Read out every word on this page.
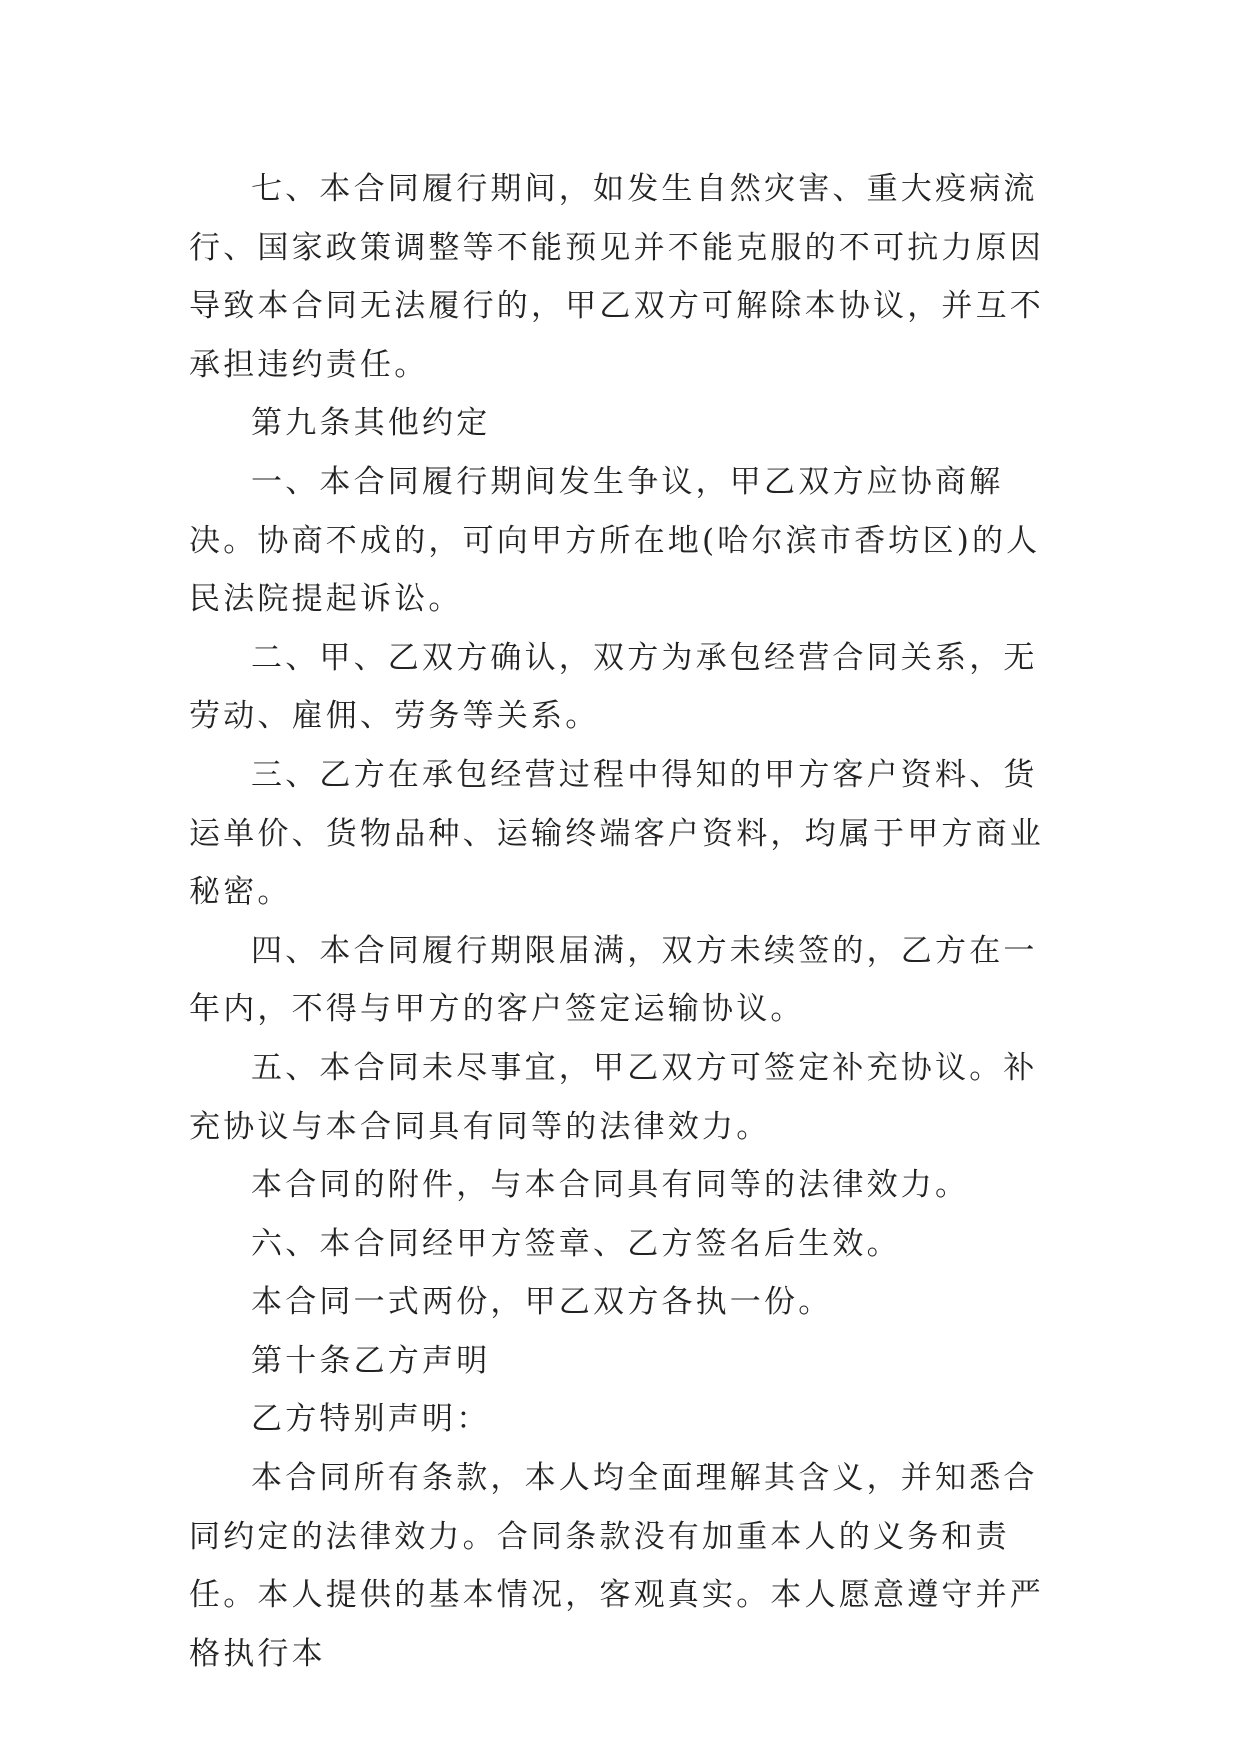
七、本合同履行期间，如发生自然灾害、重大疫病流行、国家政策调整等不能预见并不能克服的不可抗力原因导致本合同无法履行的，甲乙双方可解除本协议，并互不承担违约责任。

第九条其他约定

一、本合同履行期间发生争议，甲乙双方应协商解决。协商不成的，可向甲方所在地(哈尔滨市香坊区)的人民法院提起诉讼。

二、甲、乙双方确认，双方为承包经营合同关系，无劳动、雇佣、劳务等关系。

三、乙方在承包经营过程中得知的甲方客户资料、货运单价、货物品种、运输终端客户资料，均属于甲方商业秘密。

四、本合同履行期限届满，双方未续签的，乙方在一年内，不得与甲方的客户签定运输协议。

五、本合同未尽事宜，甲乙双方可签定补充协议。补充协议与本合同具有同等的法律效力。

本合同的附件，与本合同具有同等的法律效力。

六、本合同经甲方签章、乙方签名后生效。

本合同一式两份，甲乙双方各执一份。

第十条乙方声明

乙方特别声明：

本合同所有条款，本人均全面理解其含义，并知悉合同约定的法律效力。合同条款没有加重本人的义务和责任。本人提供的基本情况，客观真实。本人愿意遵守并严格执行本
